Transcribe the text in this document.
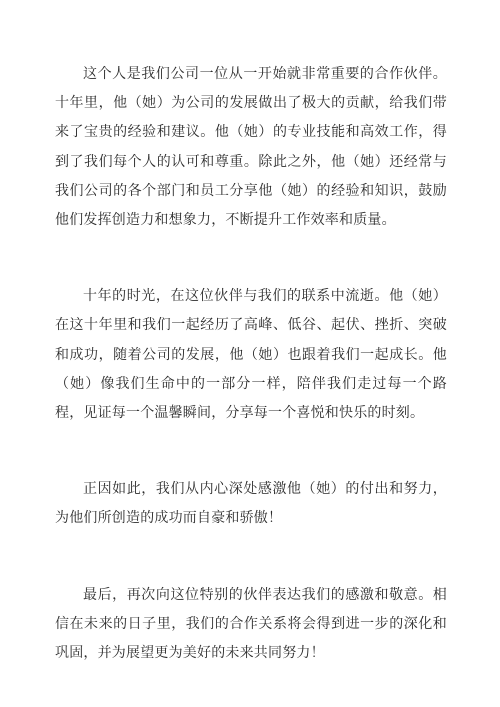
这个人是我们公司一位从一开始就非常重要的合作伙伴。十年里，他（她）为公司的发展做出了极大的贡献，给我们带来了宝贵的经验和建议。他（她）的专业技能和高效工作，得到了我们每个人的认可和尊重。除此之外，他（她）还经常与我们公司的各个部门和员工分享他（她）的经验和知识，鼓励他们发挥创造力和想象力，不断提升工作效率和质量。

十年的时光，在这位伙伴与我们的联系中流逝。他（她）在这十年里和我们一起经历了高峰、低谷、起伏、挫折、突破和成功，随着公司的发展，他（她）也跟着我们一起成长。他（她）像我们生命中的一部分一样，陪伴我们走过每一个路程，见证每一个温馨瞬间，分享每一个喜悦和快乐的时刻。

正因如此，我们从内心深处感激他（她）的付出和努力，为他们所创造的成功而自豪和骄傲！

最后，再次向这位特别的伙伴表达我们的感激和敬意。相信在未来的日子里，我们的合作关系将会得到进一步的深化和巩固，并为展望更为美好的未来共同努力！
